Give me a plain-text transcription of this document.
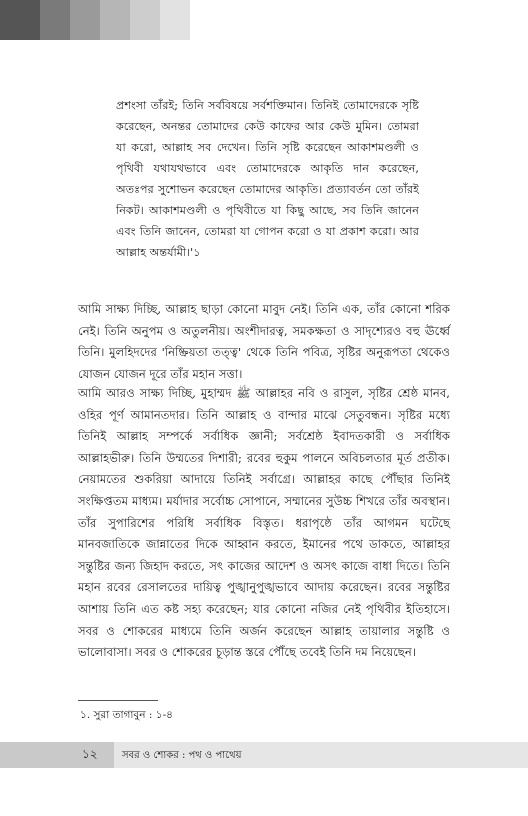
প্রশংসা তাঁরই; তিনি সর্ববিষয়ে সর্বশক্তিমান। তিনিই তোমাদেরকে সৃষ্টি করেছেন, অনন্তর তোমাদের কেউ কাফের আর কেউ মুমিন। তোমরা যা করো, আল্লাহ সব দেখেন। তিনি সৃষ্টি করেছেন আকাশমণ্ডলী ও পৃথিবী যথাযথভাবে এবং তোমাদেরকে আকৃতি দান করেছেন, অতঃপর সুশোভন করেছেন তোমাদের আকৃতি। প্রত্যাবর্তন তো তাঁরই নিকট। আকাশমণ্ডলী ও পৃথিবীতে যা কিছু আছে, সব তিনি জানেন এবং তিনি জানেন, তোমরা যা গোপন করো ও যা প্রকাশ করো। আর আল্লাহ অন্তর্যামী।'১
আমি সাক্ষ্য দিচ্ছি, আল্লাহ ছাড়া কোনো মাবুদ নেই। তিনি এক, তাঁর কোনো শরিক নেই। তিনি অনুপম ও অতুলনীয়। অংশীদারত্ব, সমকক্ষতা ও সাদৃশ্যেরও বহু ঊর্ধ্বে তিনি। মুলহিদদের 'নিষ্ক্রিয়তা তত্ত্ব' থেকে তিনি পবিত্র, সৃষ্টির অনুরূপতা থেকেও যোজন যোজন দূরে তাঁর মহান সত্তা।
আমি আরও সাক্ষ্য দিচ্ছি, মুহাম্মদ ﷺ আল্লাহর নবি ও রাসুল, সৃষ্টির শ্রেষ্ঠ মানব, ওহির পূর্ণ আমানতদার। তিনি আল্লাহ ও বান্দার মাঝে সেতুবন্ধন। সৃষ্টির মধ্যে তিনিই আল্লাহ সম্পর্কে সর্বাধিক জ্ঞানী; সর্বশ্রেষ্ঠ ইবাদতকারী ও সর্বাধিক আল্লাহভীরু। তিনি উম্মতের দিশারী; রবের হুকুম পালনে অবিচলতার মূর্ত প্রতীক। নেয়ামতের শুকরিয়া আদায়ে তিনিই সর্বাগ্রে। আল্লাহর কাছে পৌঁছার তিনিই সংক্ষিপ্ততম মাধ্যম। মর্যাদার সর্বোচ্চ সোপানে, সম্মানের সুউচ্চ শিখরে তাঁর অবস্থান। তাঁর সুপারিশের পরিধি সর্বাধিক বিস্তৃত। ধরাপৃষ্ঠে তাঁর আগমন ঘটেছে মানবজাতিকে জান্নাতের দিকে আহ্বান করতে, ইমানের পথে ডাকতে, আল্লাহর সন্তুষ্টির জন্য জিহাদ করতে, সৎ কাজের আদেশ ও অসৎ কাজে বাধা দিতে। তিনি মহান রবের রেসালতের দায়িত্ব পুঙ্খানুপুঙ্খভাবে আদায় করেছেন। রবের সন্তুষ্টির আশায় তিনি এত কষ্ট সহ্য করেছেন; যার কোনো নজির নেই পৃথিবীর ইতিহাসে। সবর ও শোকরের মাধ্যমে তিনি অর্জন করেছেন আল্লাহ তায়ালার সন্তুষ্টি ও ভালোবাসা। সবর ও শোকরের চূড়ান্ত স্তরে পৌঁছে তবেই তিনি দম নিয়েছেন।
১. সুরা তাগাবুন : ১-৪
১২ সবর ও শোকর : পথ ও পাথেয়
